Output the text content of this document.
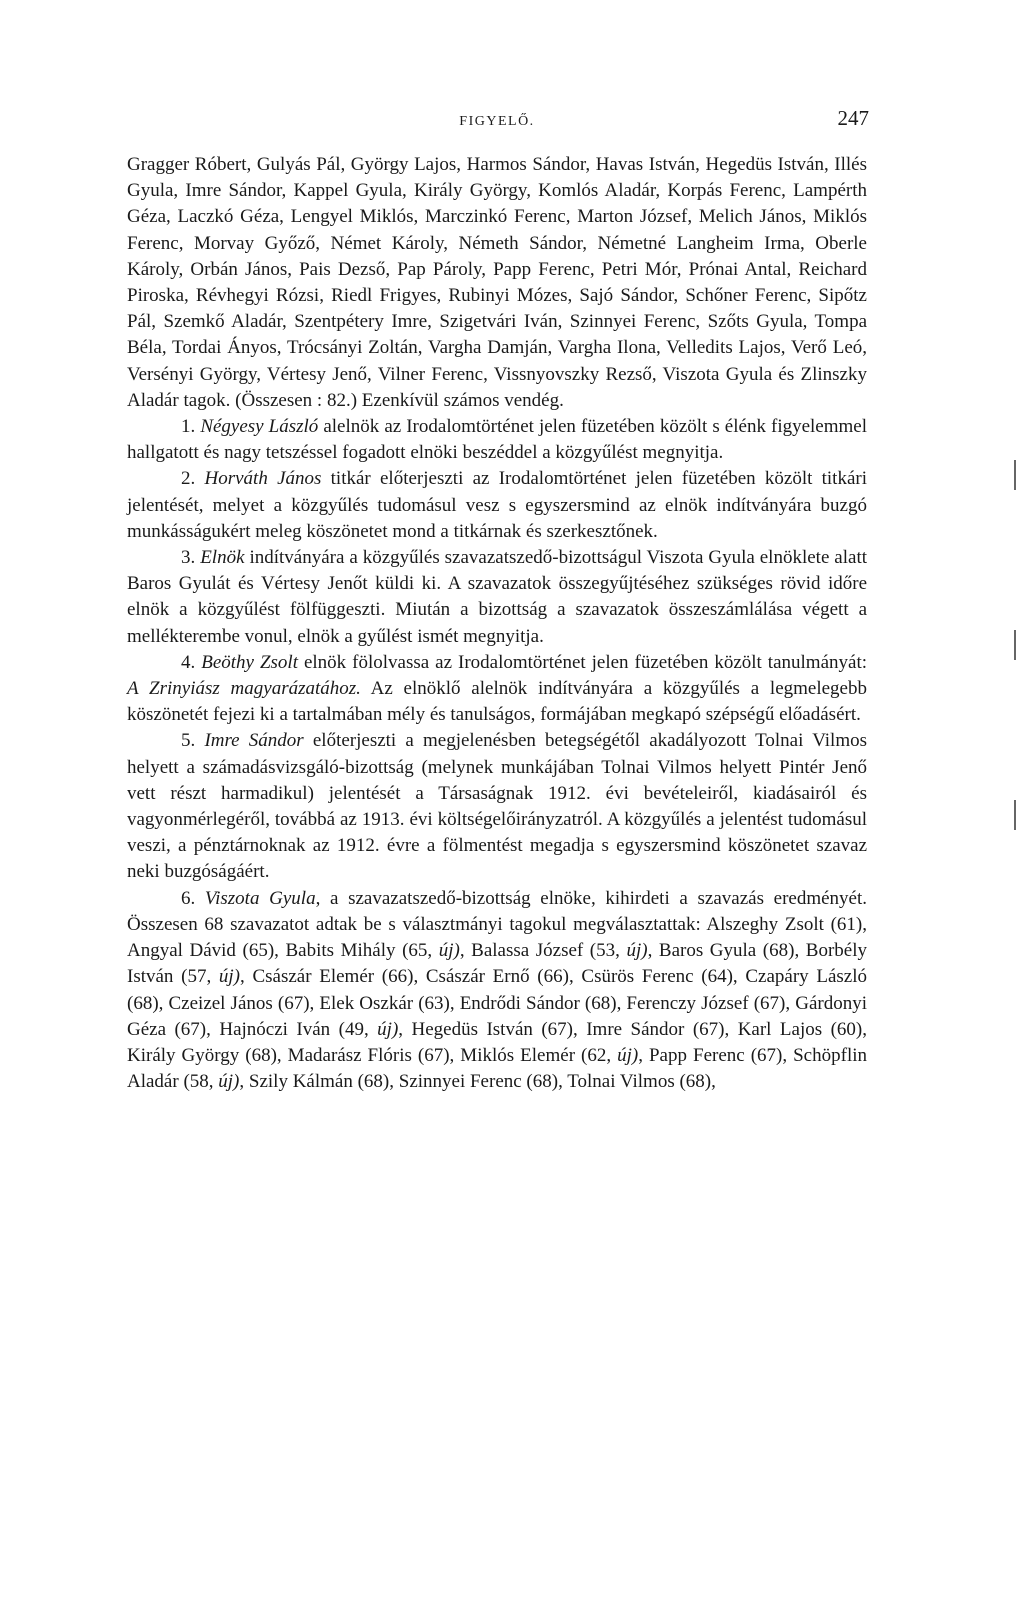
FIGYELŐ.	247

Gragger Róbert, Gulyás Pál, György Lajos, Harmos Sándor, Havas István, Hegedüs István, Illés Gyula, Imre Sándor, Kappel Gyula, Király György, Komlós Aladár, Korpás Ferenc, Lampérth Géza, Laczkó Géza, Lengyel Miklós, Marczinkó Ferenc, Marton József, Melich János, Miklós Ferenc, Morvay Győző, Német Károly, Németh Sándor, Németné Langheim Irma, Oberle Károly, Orbán János, Pais Dezső, Pap Pároly, Papp Ferenc, Petri Mór, Prónai Antal, Reichard Piroska, Révhegyi Rózsi, Riedl Frigyes, Rubinyi Mózes, Sajó Sándor, Schőner Ferenc, Sipőtz Pál, Szemkő Aladár, Szentpétery Imre, Szigetvári Iván, Szinnyei Ferenc, Szőts Gyula, Tompa Béla, Tordai Ányos, Trócsányi Zoltán, Vargha Damján, Vargha Ilona, Velledits Lajos, Verő Leó, Versényi György, Vértesy Jenő, Vilner Ferenc, Vissnyovszky Rezső, Viszota Gyula és Zlinszky Aladár tagok. (Összesen : 82.) Ezenkívül számos vendég.

1. Négyesy László alelnök az Irodalomtörténet jelen füzetében közölt s élénk figyelemmel hallgatott és nagy tetszéssel fogadott elnöki beszéddel a közgyűlést megnyitja.

2. Horváth János titkár előterjeszti az Irodalomtörténet jelen füzetében közölt titkári jelentését, melyet a közgyűlés tudomásul vesz s egyszersmind az elnök indítványára buzgó munkásságukért meleg köszönetet mond a titkárnak és szerkesztőnek.

3. Elnök indítványára a közgyűlés szavazatszedő-bizottságul Viszota Gyula elnöklete alatt Baros Gyulát és Vértesy Jenőt küldi ki. A szavazatok összegyűjtéséhez szükséges rövid időre elnök a közgyűlést fölfüggeszti. Miután a bizottság a szavazatok összeszámlálása végett a mellékterembe vonul, elnök a gyűlést ismét megnyitja.

4. Beöthy Zsolt elnök fölolvassa az Irodalomtörténet jelen füzetében közölt tanulmányát: A Zrinyiász magyarázatához. Az elnöklő alelnök indítványára a közgyűlés a legmelegebb köszönetét fejezi ki a tartalmában mély és tanulságos, formájában megkapó szépségű előadásért.

5. Imre Sándor előterjeszti a megjelenésben betegségétől akadályozott Tolnai Vilmos helyett a számadásvizsgáló-bizottság (melynek munkájában Tolnai Vilmos helyett Pintér Jenő vett részt harmadikul) jelentését a Társaságnak 1912. évi bevételeiről, kiadásairól és vagyonmérlegéről, továbbá az 1913. évi költségelőirányzatról. A közgyűlés a jelentést tudomásul veszi, a pénztárnoknak az 1912. évre a fölmentést megadja s egyszersmind köszönetet szavaz neki buzgóságáért.

6. Viszota Gyula, a szavazatszedő-bizottság elnöke, kihirdeti a szavazás eredményét. Összesen 68 szavazatot adtak be s választmányi tagokul megválasztattak: Alszeghy Zsolt (61), Angyal Dávid (65), Babits Mihály (65, új), Balassa József (53, új), Baros Gyula (68), Borbély István (57, új), Császár Elemér (66), Császár Ernő (66), Csürös Ferenc (64), Czapáry László (68), Czeizel János (67), Elek Oszkár (63), Endrődi Sándor (68), Ferenczy József (67), Gárdonyi Géza (67), Hajnóczi Iván (49, új), Hegedüs István (67), Imre Sándor (67), Karl Lajos (60), Király György (68), Madarász Flóris (67), Miklós Elemér (62, új), Papp Ferenc (67), Schöpflin Aladár (58, új), Szily Kálmán (68), Szinnyei Ferenc (68), Tolnai Vilmos (68),
